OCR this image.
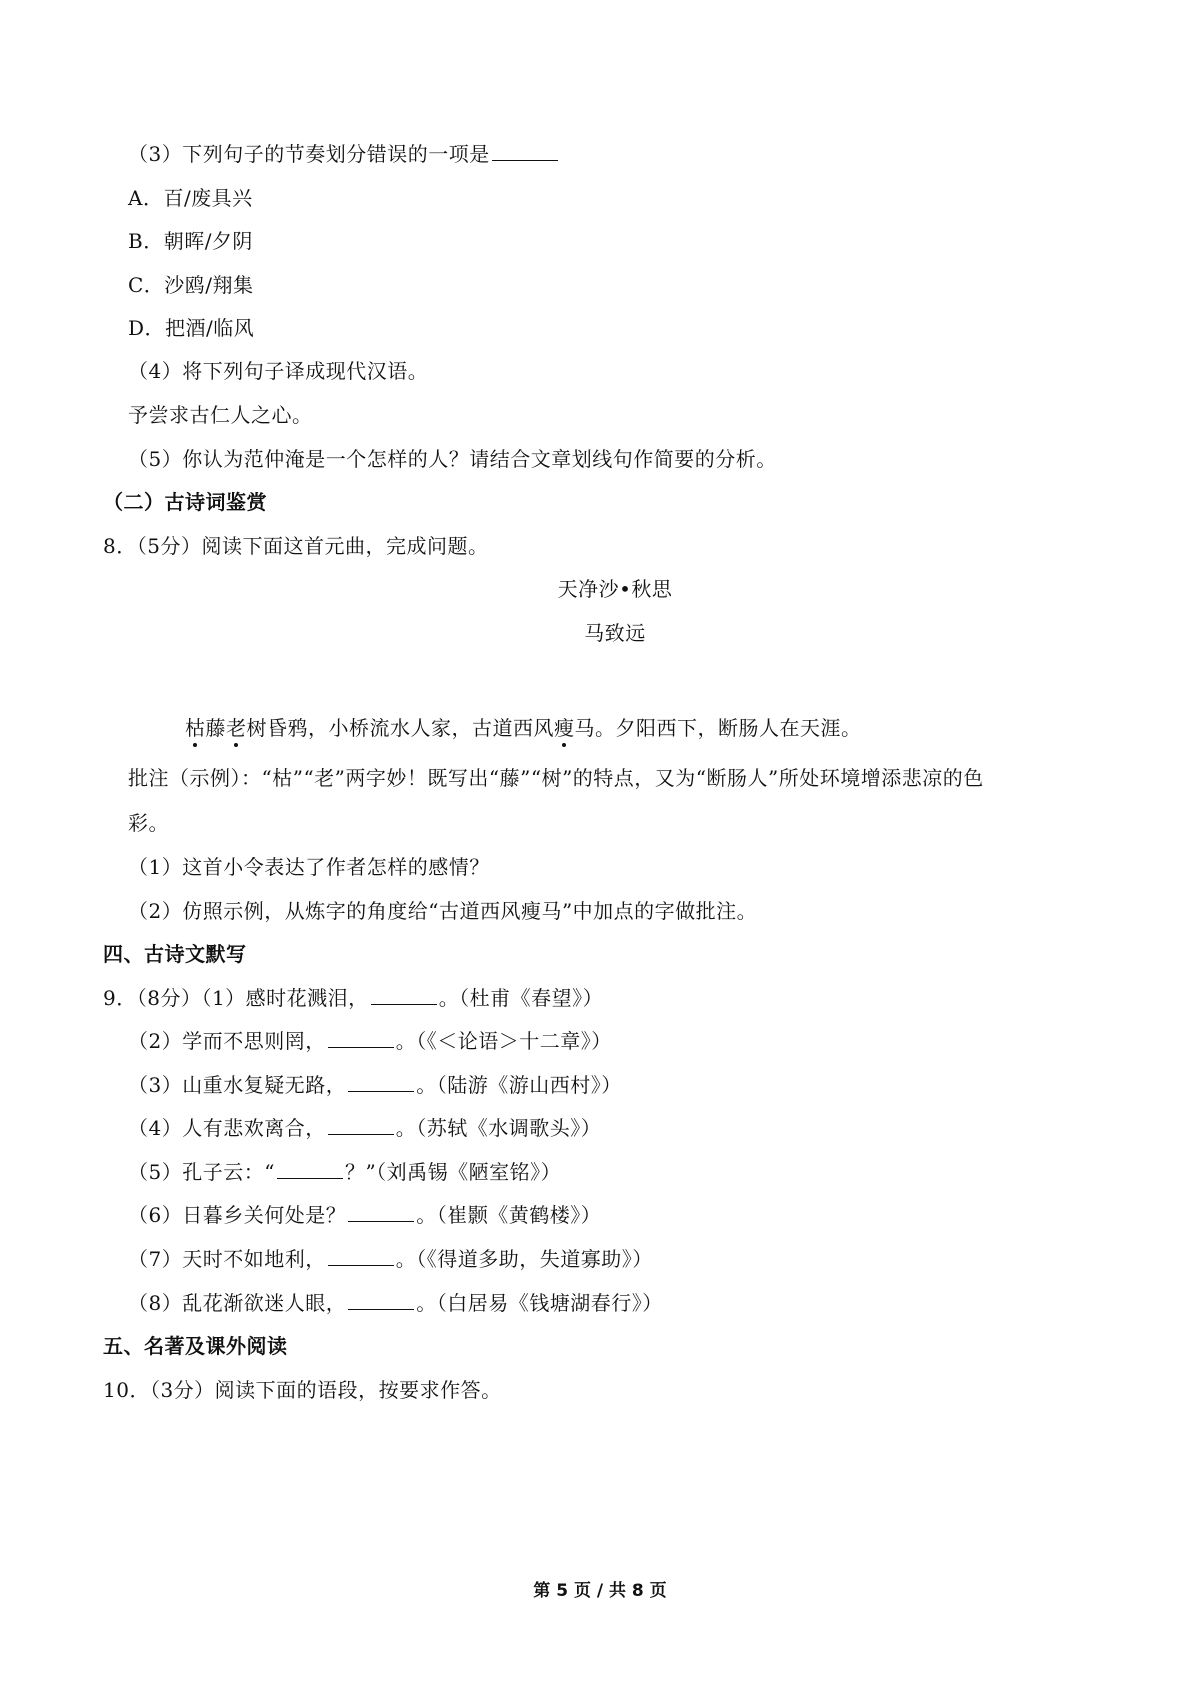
（3）下列句子的节奏划分错误的一项是
A．百/废具兴
B．朝晖/夕阴
C．沙鸥/翔集
D．把酒/临风
（4）将下列句子译成现代汉语。
予尝求古仁人之心。
（5）你认为范仲淹是一个怎样的人？请结合文章划线句作简要的分析。
（二）古诗词鉴赏
8．（5分）阅读下面这首元曲，完成问题。
天净沙•秋思
马致远
枯藤老树昏鸦，小桥流水人家，古道西风瘦马。夕阳西下，断肠人在天涯。
批注（示例）：“枯”“老”两字妙！既写出“藤”“树”的特点，又为“断肠人”所处环境增添悲凉的色
彩。
（1）这首小令表达了作者怎样的感情？
（2）仿照示例，从炼字的角度给“古道西风瘦马”中加点的字做批注。
四、古诗文默写
9．（8分）（1）感时花溅泪，	。（杜甫《春望》）
（2）学而不思则罔，	。（《＜论语＞十二章》）
（3）山重水复疑无路，	。（陆游《游山西村》）
（4）人有悲欢离合，	。（苏轼《水调歌头》）
（5）孔子云：“	？”（刘禹锡《陋室铭》）
（6）日暮乡关何处是？	。（崔颢《黄鹤楼》）
（7）天时不如地利，	。（《得道多助，失道寡助》）
（8）乱花渐欲迷人眼，	。（白居易《钱塘湖春行》）
五、名著及课外阅读
10．（3分）阅读下面的语段，按要求作答。
第 5 页 / 共 8 页
